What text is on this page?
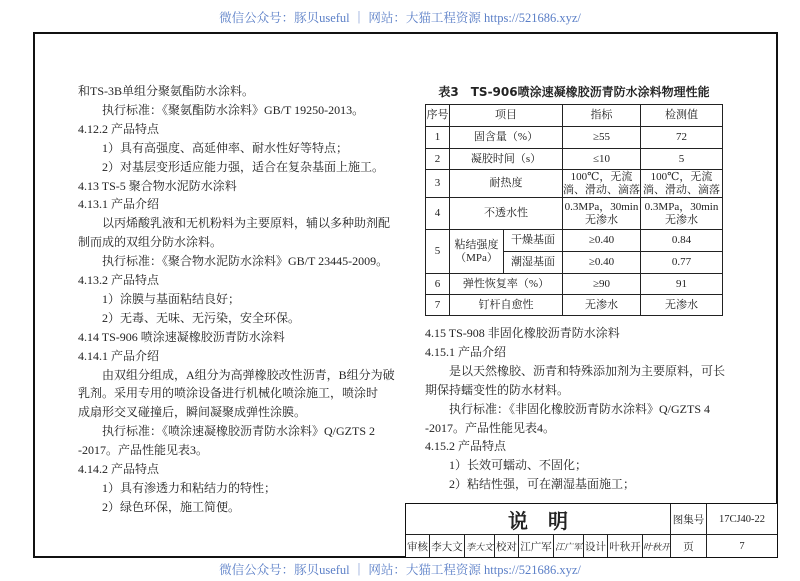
微信公众号：豚贝useful ｜ 网站：大猫工程资源 https://521686.xyz/
和TS-3B单组分聚氨酯防水涂料。
执行标准：《聚氨酯防水涂料》GB/T 19250-2013。
4.12.2 产品特点
1）具有高强度、高延伸率、耐水性好等特点；
2）对基层变形适应能力强，适合在复杂基面上施工。
4.13 TS-5 聚合物水泥防水涂料
4.13.1 产品介绍
以丙烯酸乳液和无机粉料为主要原料，辅以多种助剂配
制而成的双组分防水涂料。
执行标准：《聚合物水泥防水涂料》GB/T 23445-2009。
4.13.2 产品特点
1）涂膜与基面粘结良好；
2）无毒、无味、无污染，安全环保。
4.14 TS-906 喷涂速凝橡胶沥青防水涂料
4.14.1 产品介绍
由双组分组成，A组分为高弹橡胶改性沥青，B组分为破
乳剂。采用专用的喷涂设备进行机械化喷涂施工，喷涂时
成扇形交叉碰撞后，瞬间凝聚成弹性涂膜。
执行标准：《喷涂速凝橡胶沥青防水涂料》Q/GZTS 2
-2017。产品性能见表3。
4.14.2 产品特点
1）具有渗透力和粘结力的特性；
2）绿色环保，施工简便。
表3　TS-906喷涂速凝橡胶沥青防水涂料物理性能
序号	项目		指标	检测值
1	固含量（%）		≥55	72
2	凝胶时间（s）		≤10	5
3	耐热度		100℃，无流淌、滑动、滴落	100℃，无流淌、滑动、滴落
4	不透水性		0.3MPa，30min 无渗水	0.3MPa，30min 无渗水
5	粘结强度（MPa）	干燥基面	≥0.40	0.84
		潮湿基面	≥0.40	0.77
6	弹性恢复率（%）		≥90	91
7	钉杆自愈性		无渗水	无渗水
4.15 TS-908 非固化橡胶沥青防水涂料
4.15.1 产品介绍
是以天然橡胶、沥青和特殊添加剂为主要原料，可长
期保持蠕变性的防水材料。
执行标准：《非固化橡胶沥青防水涂料》Q/GZTS 4
-2017。产品性能见表4。
4.15.2 产品特点
1）长效可蠕动、不固化；
2）粘结性强，可在潮湿基面施工；
说　明	图集号	17CJ40-22
审核 李大文 李大文 校对 江广军 江广军 设计 叶秋开 叶秋开	页	7
微信公众号：豚贝useful ｜ 网站：大猫工程资源 https://521686.xyz/
